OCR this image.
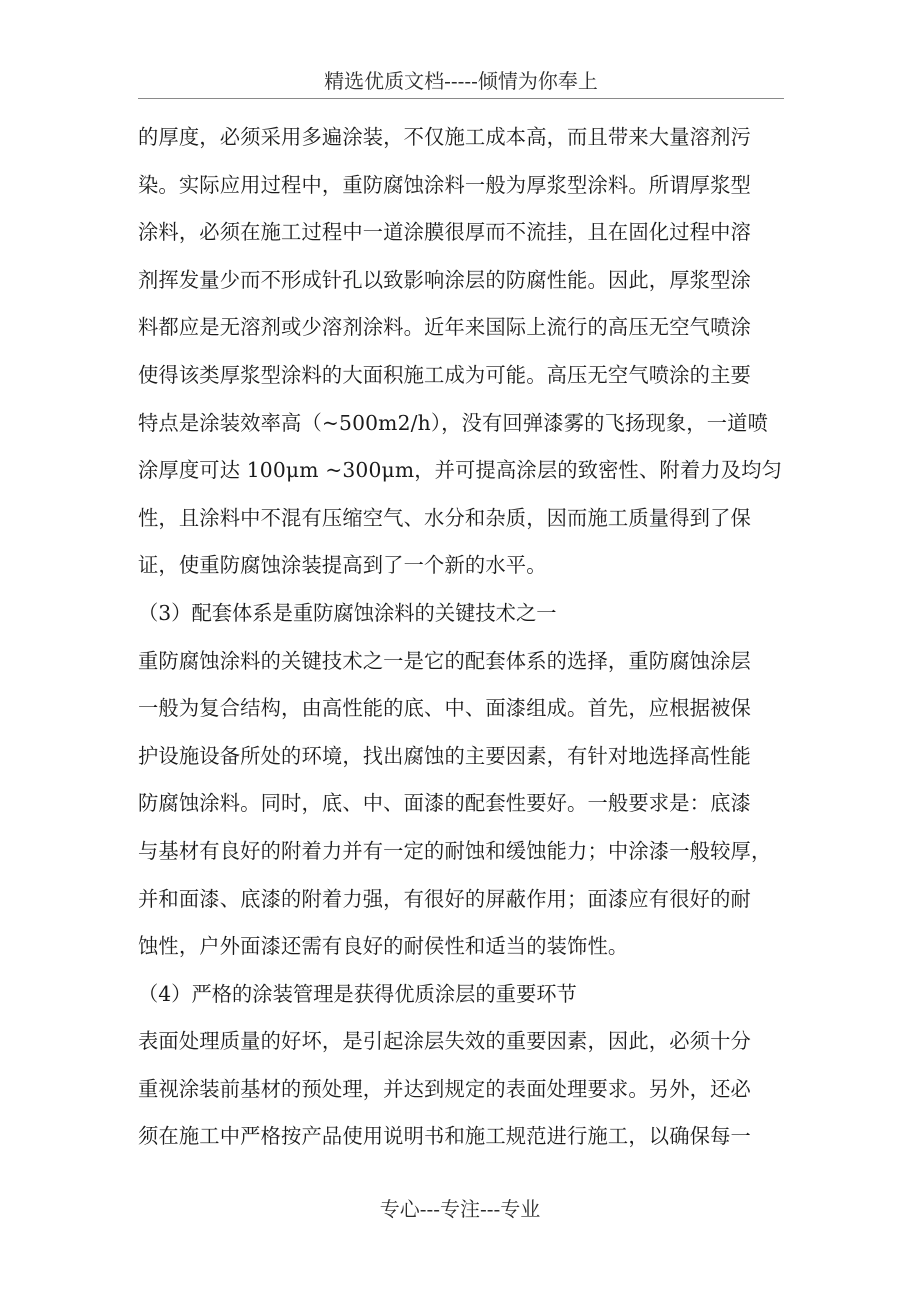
精选优质文档-----倾情为你奉上
的厚度，必须采用多遍涂装，不仅施工成本高，而且带来大量溶剂污
染。实际应用过程中，重防腐蚀涂料一般为厚浆型涂料。所谓厚浆型
涂料，必须在施工过程中一道涂膜很厚而不流挂，且在固化过程中溶
剂挥发量少而不形成针孔以致影响涂层的防腐性能。因此，厚浆型涂
料都应是无溶剂或少溶剂涂料。近年来国际上流行的高压无空气喷涂
使得该类厚浆型涂料的大面积施工成为可能。高压无空气喷涂的主要
特点是涂装效率高（~500m2/h），没有回弹漆雾的飞扬现象，一道喷
涂厚度可达 100μm ~300μm，并可提高涂层的致密性、附着力及均匀
性，且涂料中不混有压缩空气、水分和杂质，因而施工质量得到了保
证，使重防腐蚀涂装提高到了一个新的水平。
（3）配套体系是重防腐蚀涂料的关键技术之一
重防腐蚀涂料的关键技术之一是它的配套体系的选择，重防腐蚀涂层
一般为复合结构，由高性能的底、中、面漆组成。首先，应根据被保
护设施设备所处的环境，找出腐蚀的主要因素，有针对地选择高性能
防腐蚀涂料。同时，底、中、面漆的配套性要好。一般要求是：底漆
与基材有良好的附着力并有一定的耐蚀和缓蚀能力；中涂漆一般较厚，
并和面漆、底漆的附着力强，有很好的屏蔽作用；面漆应有很好的耐
蚀性，户外面漆还需有良好的耐侯性和适当的装饰性。
（4）严格的涂装管理是获得优质涂层的重要环节
表面处理质量的好坏，是引起涂层失效的重要因素，因此，必须十分
重视涂装前基材的预处理，并达到规定的表面处理要求。另外，还必
须在施工中严格按产品使用说明书和施工规范进行施工，以确保每一
专心---专注---专业
